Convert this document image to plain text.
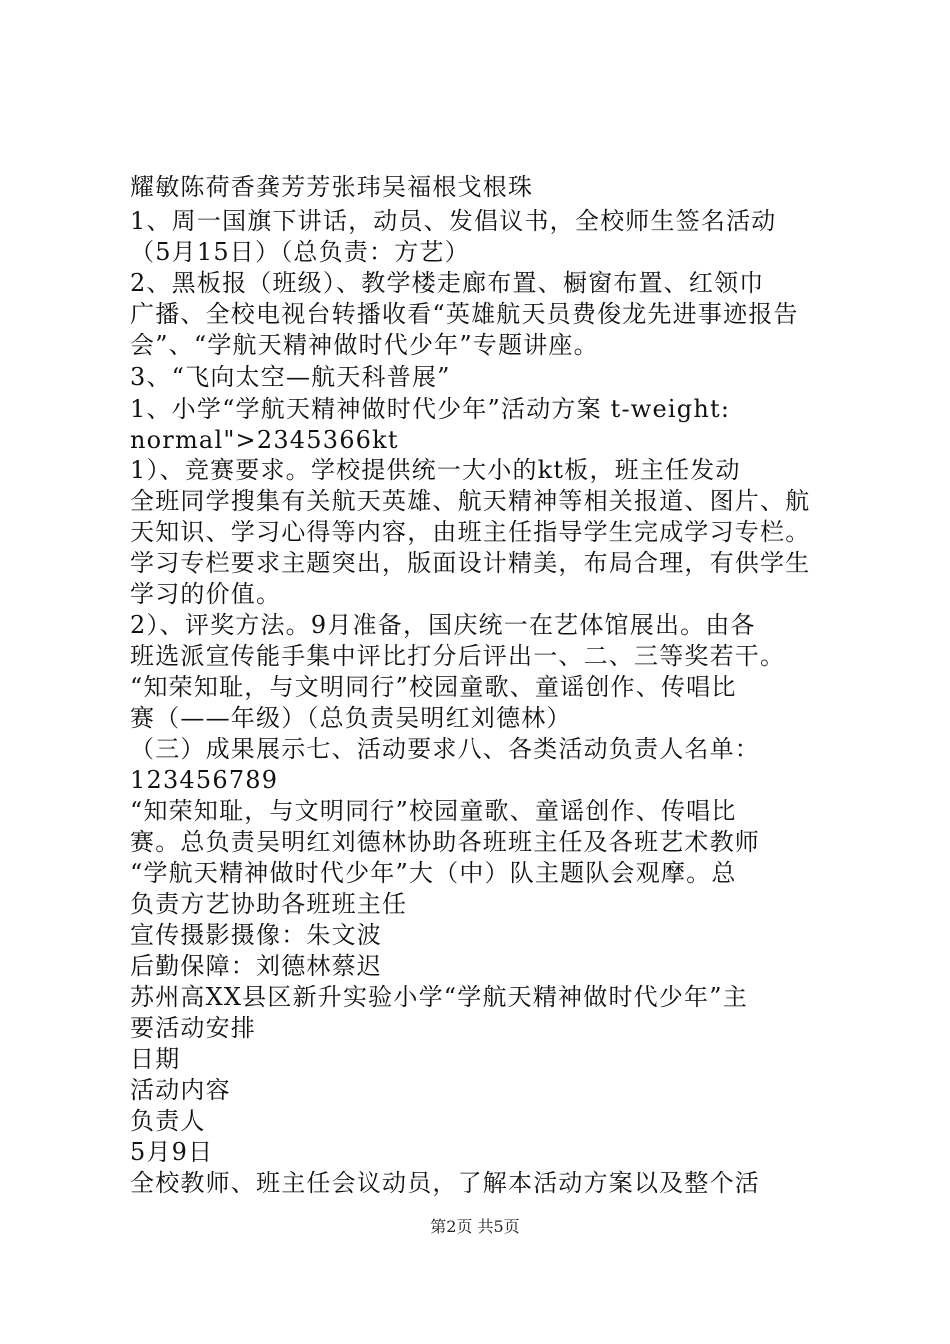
耀敏陈荷香龚芳芳张玮吴福根戈根珠
1、周一国旗下讲话，动员、发倡议书，全校师生签名活动
（5月15日）（总负责：方艺）
2、黑板报（班级）、教学楼走廊布置、橱窗布置、红领巾
广播、全校电视台转播收看“英雄航天员费俊龙先进事迹报告
会”、“学航天精神做时代少年”专题讲座。
3、“飞向太空—航天科普展”
1、小学“学航天精神做时代少年”活动方案 t-weight:
normal">2345366kt
1）、竞赛要求。学校提供统一大小的kt板，班主任发动
全班同学搜集有关航天英雄、航天精神等相关报道、图片、航
天知识、学习心得等内容，由班主任指导学生完成学习专栏。
学习专栏要求主题突出，版面设计精美，布局合理，有供学生
学习的价值。
2）、评奖方法。9月准备，国庆统一在艺体馆展出。由各
班选派宣传能手集中评比打分后评出一、二、三等奖若干。
“知荣知耻，与文明同行”校园童歌、童谣创作、传唱比
赛（——年级）（总负责吴明红刘德林）
（三）成果展示七、活动要求八、各类活动负责人名单：
123456789
“知荣知耻，与文明同行”校园童歌、童谣创作、传唱比
赛。总负责吴明红刘德林协助各班班主任及各班艺术教师
“学航天精神做时代少年”大（中）队主题队会观摩。总
负责方艺协助各班班主任
宣传摄影摄像：朱文波
后勤保障：刘德林蔡迟
苏州高XX县区新升实验小学“学航天精神做时代少年”主
要活动安排
日期
活动内容
负责人
5月9日
全校教师、班主任会议动员，了解本活动方案以及整个活
第2页 共5页
